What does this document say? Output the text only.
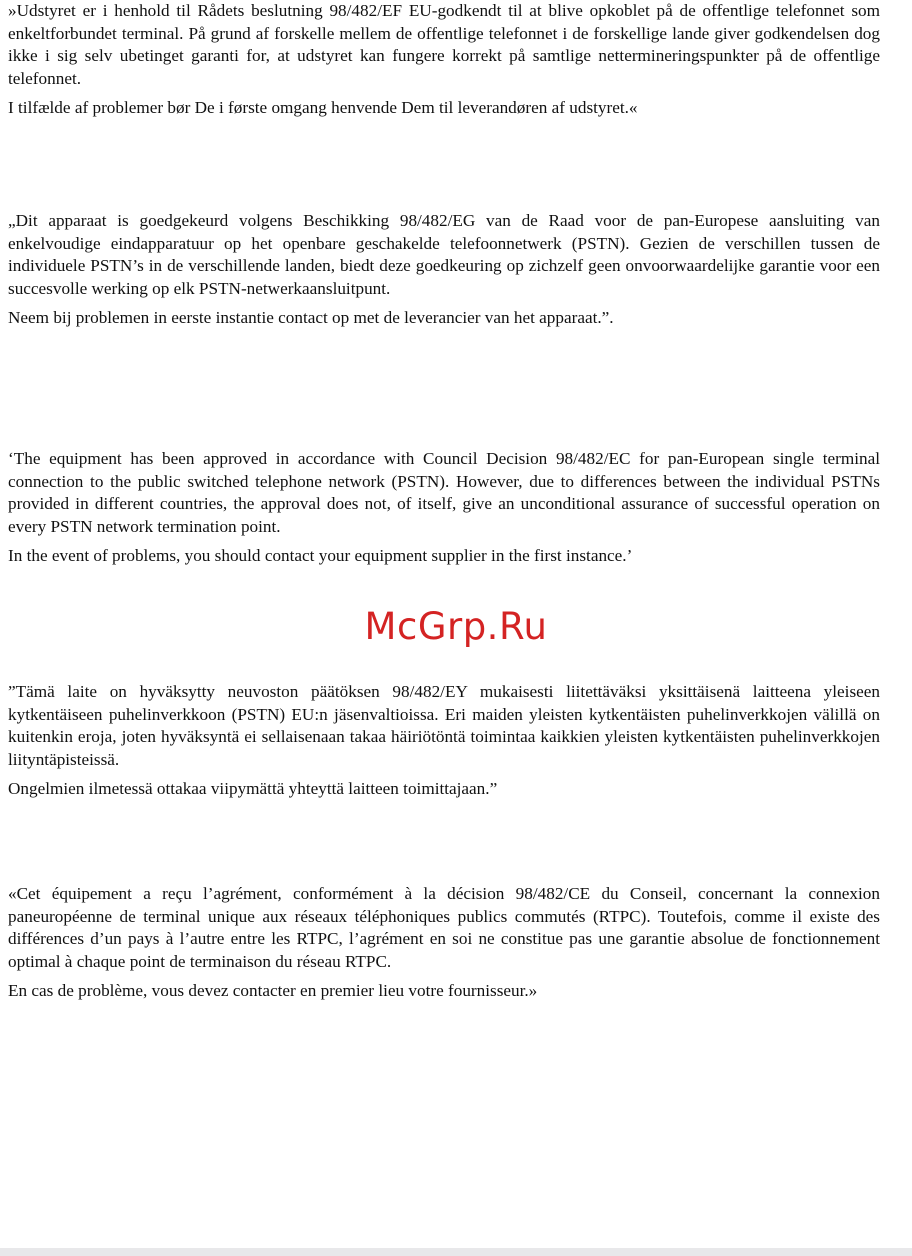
»Udstyret er i henhold til Rådets beslutning 98/482/EF EU-godkendt til at blive opkoblet på de offentlige telefonnet som enkeltforbundet terminal. På grund af forskelle mellem de offentlige telefonnet i de forskellige lande giver godkendelsen dog ikke i sig selv ubetinget garanti for, at udstyret kan fungere korrekt på samtlige nettermineringspunkter på de offentlige telefonnet.

I tilfælde af problemer bør De i første omgang henvende Dem til leverandøren af udstyret.«

„Dit apparaat is goedgekeurd volgens Beschikking 98/482/EG van de Raad voor de pan-Europese aansluiting van enkelvoudige eindapparatuur op het openbare geschakelde telefoonnetwerk (PSTN). Gezien de verschillen tussen de individuele PSTN’s in de verschillende landen, biedt deze goedkeuring op zichzelf geen onvoorwaardelijke garantie voor een succesvolle werking op elk PSTN-netwerkaansluitpunt.

Neem bij problemen in eerste instantie contact op met de leverancier van het apparaat.”.

‘The equipment has been approved in accordance with Council Decision 98/482/EC for pan-European single terminal connection to the public switched telephone network (PSTN). However, due to differences between the individual PSTNs provided in different countries, the approval does not, of itself, give an unconditional assurance of successful operation on every PSTN network termination point.

In the event of problems, you should contact your equipment supplier in the first instance.’

McGrp.Ru

”Tämä laite on hyväksytty neuvoston päätöksen 98/482/EY mukaisesti liitettäväksi yksittäisenä laitteena yleiseen kytkentäiseen puhelinverkkoon (PSTN) EU:n jäsenvaltioissa. Eri maiden yleisten kytkentäisten puhelinverkkojen välillä on kuitenkin eroja, joten hyväksyntä ei sellaisenaan takaa häiriötöntä toimintaa kaikkien yleisten kytkentäisten puhelinverkkojen liityntäpisteissä.

Ongelmien ilmetessä ottakaa viipymättä yhteyttä laitteen toimittajaan.”

«Cet équipement a reçu l’agrément, conformément à la décision 98/482/CE du Conseil, concernant la connexion paneuropéenne de terminal unique aux réseaux téléphoniques publics commutés (RTPC). Toutefois, comme il existe des différences d’un pays à l’autre entre les RTPC, l’agrément en soi ne constitue pas une garantie absolue de fonctionnement optimal à chaque point de terminaison du réseau RTPC.

En cas de problème, vous devez contacter en premier lieu votre fournisseur.»
